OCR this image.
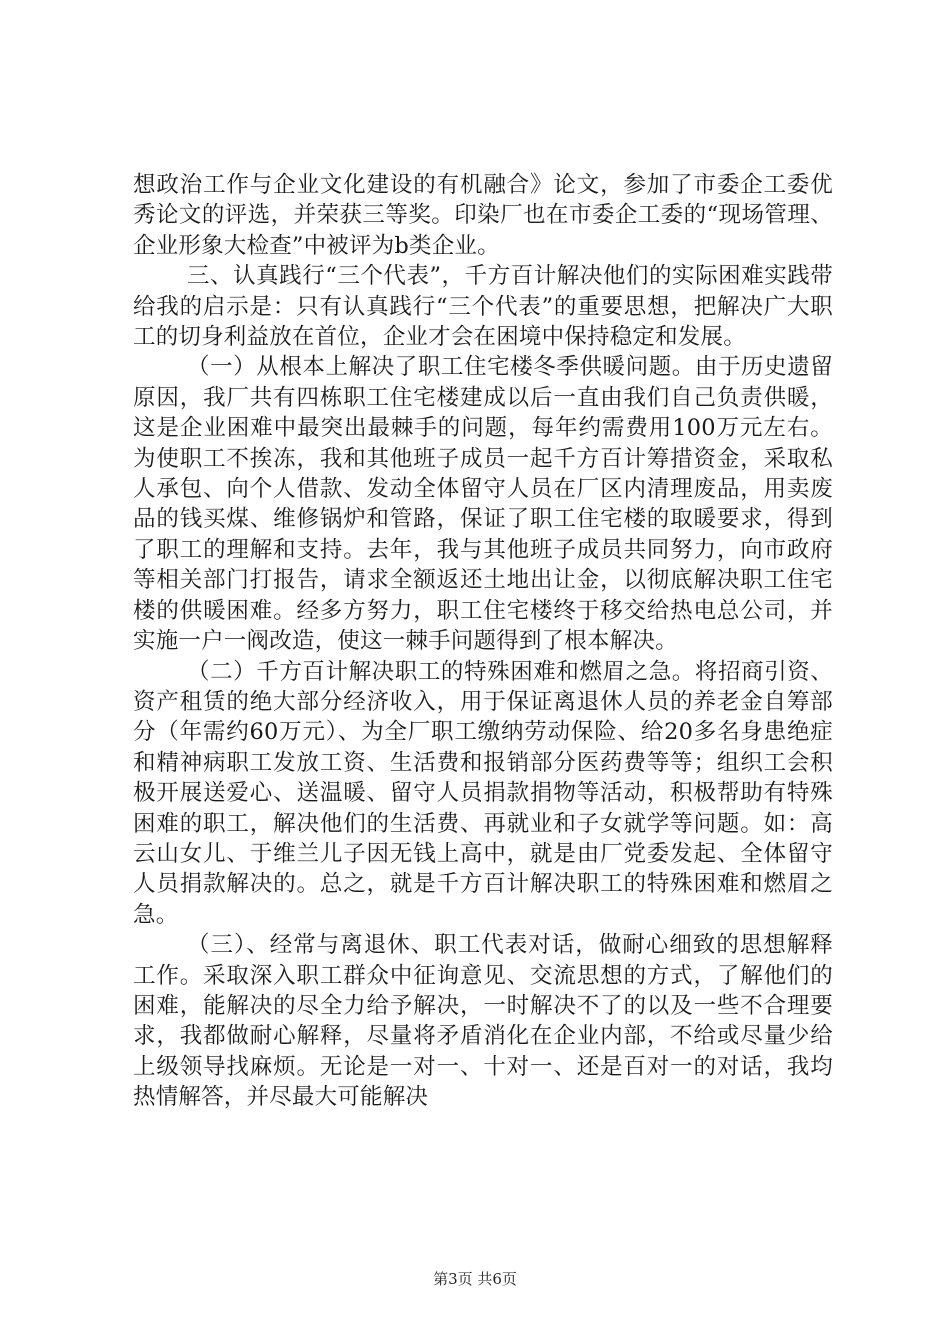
想政治工作与企业文化建设的有机融合》论文，参加了市委企工委优秀论文的评选，并荣获三等奖。印染厂也在市委企工委的“现场管理、企业形象大检查”中被评为b类企业。

三、认真践行“三个代表”，千方百计解决他们的实际困难实践带给我的启示是：只有认真践行“三个代表”的重要思想，把解决广大职工的切身利益放在首位，企业才会在困境中保持稳定和发展。

（一）从根本上解决了职工住宅楼冬季供暖问题。由于历史遗留原因，我厂共有四栋职工住宅楼建成以后一直由我们自己负责供暖，这是企业困难中最突出最棘手的问题，每年约需费用100万元左右。为使职工不挨冻，我和其他班子成员一起千方百计筹措资金，采取私人承包、向个人借款、发动全体留守人员在厂区内清理废品，用卖废品的钱买煤、维修锅炉和管路，保证了职工住宅楼的取暖要求，得到了职工的理解和支持。去年，我与其他班子成员共同努力，向市政府等相关部门打报告，请求全额返还土地出让金，以彻底解决职工住宅楼的供暖困难。经多方努力，职工住宅楼终于移交给热电总公司，并实施一户一阀改造，使这一棘手问题得到了根本解决。

（二）千方百计解决职工的特殊困难和燃眉之急。将招商引资、资产租赁的绝大部分经济收入，用于保证离退休人员的养老金自筹部分（年需约60万元）、为全厂职工缴纳劳动保险、给20多名身患绝症和精神病职工发放工资、生活费和报销部分医药费等等；组织工会积极开展送爱心、送温暖、留守人员捐款捐物等活动，积极帮助有特殊困难的职工，解决他们的生活费、再就业和子女就学等问题。如：高云山女儿、于维兰儿子因无钱上高中，就是由厂党委发起、全体留守人员捐款解决的。总之，就是千方百计解决职工的特殊困难和燃眉之急。

（三）、经常与离退休、职工代表对话，做耐心细致的思想解释工作。采取深入职工群众中征询意见、交流思想的方式，了解他们的困难，能解决的尽全力给予解决，一时解决不了的以及一些不合理要求，我都做耐心解释，尽量将矛盾消化在企业内部，不给或尽量少给上级领导找麻烦。无论是一对一、十对一、还是百对一的对话，我均热情解答，并尽最大可能解决

第3页 共6页
